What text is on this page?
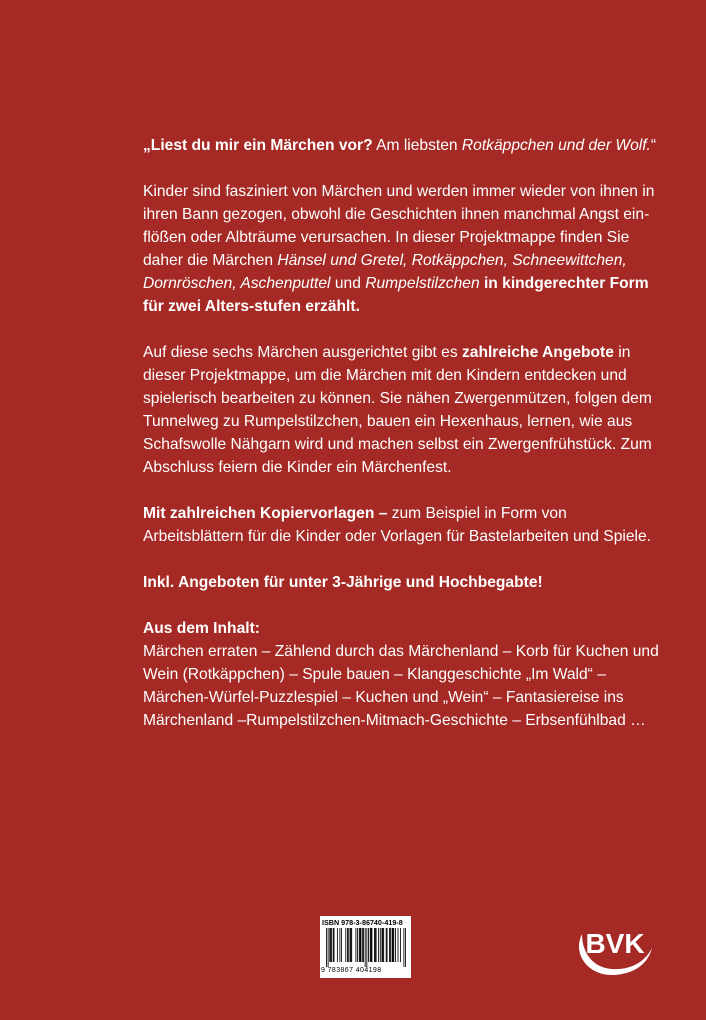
„Liest du mir ein Märchen vor? Am liebsten Rotkäppchen und der Wolf.“

Kinder sind fasziniert von Märchen und werden immer wieder von ihnen in ihren Bann gezogen, obwohl die Geschichten ihnen manchmal Angst ein-flößen oder Albträume verursachen. In dieser Projektmappe finden Sie daher die Märchen Hänsel und Gretel, Rotkäppchen, Schneewittchen, Dornröschen, Aschenputtel und Rumpelstilzchen in kindgerechter Form für zwei Alters-stufen erzählt.

Auf diese sechs Märchen ausgerichtet gibt es zahlreiche Angebote in dieser Projektmappe, um die Märchen mit den Kindern entdecken und spielerisch bearbeiten zu können. Sie nähen Zwergenmützen, folgen dem Tunnelweg zu Rumpelstilzchen, bauen ein Hexenhaus, lernen, wie aus Schafswolle Nähgarn wird und machen selbst ein Zwergenfrühstück. Zum Abschluss feiern die Kinder ein Märchenfest.

Mit zahlreichen Kopiervorlagen – zum Beispiel in Form von Arbeitsblättern für die Kinder oder Vorlagen für Bastelarbeiten und Spiele.

Inkl. Angeboten für unter 3-Jährige und Hochbegabte!

Aus dem Inhalt:
Märchen erraten – Zählend durch das Märchenland – Korb für Kuchen und Wein (Rotkäppchen) – Spule bauen – Klanggeschichte „Im Wald“ – Märchen-Würfel-Puzzlespiel – Kuchen und „Wein“ – Fantasiereise ins Märchenland –Rumpelstilzchen-Mitmach-Geschichte – Erbsenfühlbad …

ISBN 978-3-86740-419-8
9 783867 404198
BVK
